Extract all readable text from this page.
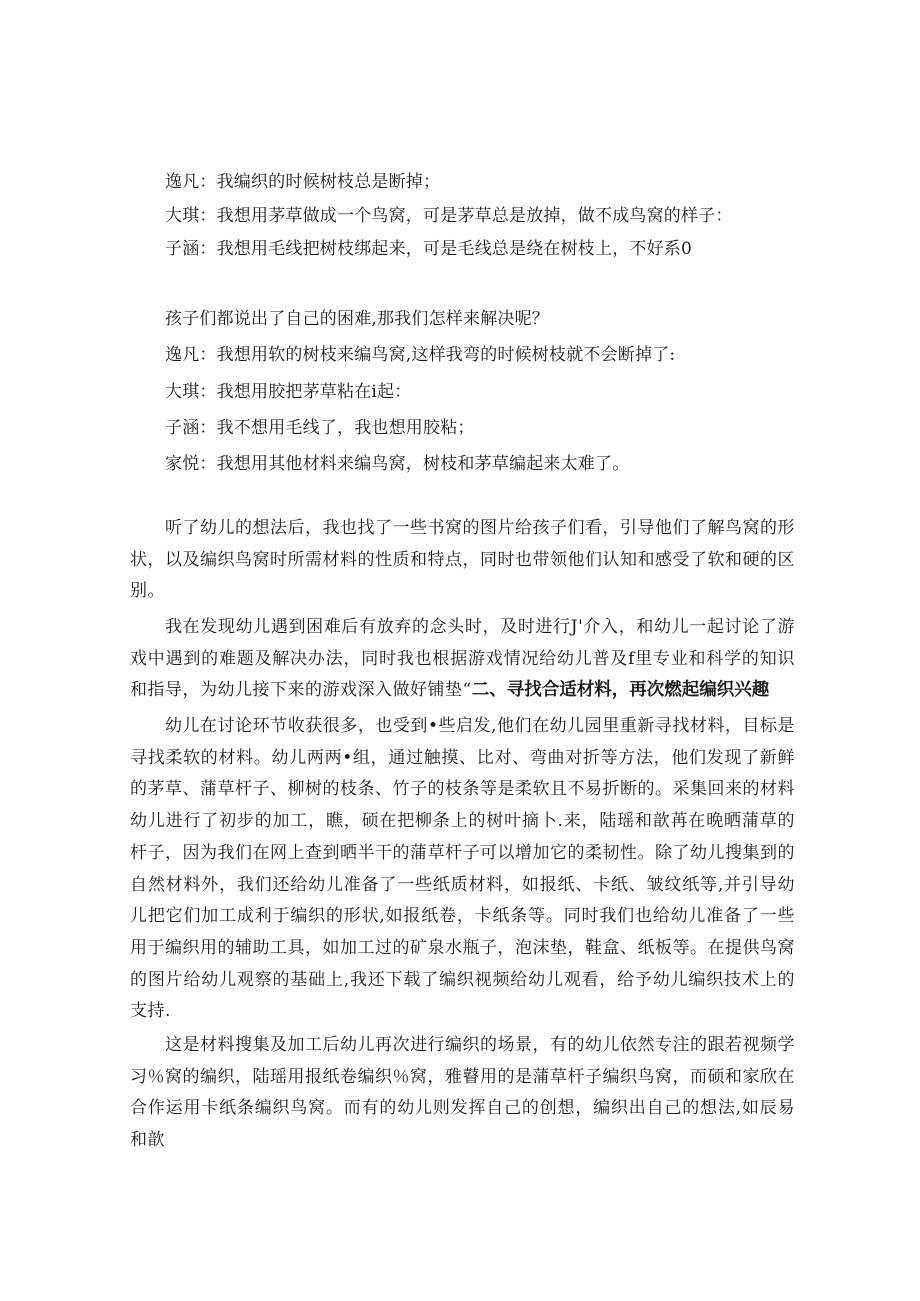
逸凡：我编织的时候树枝总是断掉；
大琪：我想用茅草做成一个鸟窝，可是茅草总是放掉，做不成鸟窝的样子：
子涵：我想用毛线把树枝绑起来，可是毛线总是绕在树枝上，不好系0
孩子们都说出了自己的困难,那我们怎样来解决呢？
逸凡：我想用软的树枝来编鸟窝,这样我弯的时候树枝就不会断掉了:
大琪：我想用胶把茅草粘在i起：
子涵：我不想用毛线了，我也想用胶粘；
家悦：我想用其他材料来编鸟窝，树枝和茅草编起来太难了。

听了幼儿的想法后，我也找了一些书窝的图片给孩子们看，引导他们了解鸟窝的形状，以及编织鸟窝时所需材料的性质和特点，同时也带领他们认知和感受了软和硬的区别。

我在发现幼儿遇到困难后有放弃的念头时，及时进行J'介入，和幼儿一起讨论了游戏中遇到的难题及解决办法，同时我也根据游戏情况给幼儿普及f里专业和科学的知识和指导，为幼儿接下来的游戏深入做好铺垫“二、寻找合适材料，再次燃起编织兴趣

幼儿在讨论环节收获很多，也受到•些启发,他们在幼儿园里重新寻找材料，目标是寻找柔软的材料。幼儿两两•组，通过触摸、比对、弯曲对折等方法，他们发现了新鲜的茅草、蒲草杆子、柳树的枝条、竹子的枝条等是柔软且不易折断的。采集回来的材料幼儿进行了初步的加工，瞧，硕在把柳条上的树叶摘卜.来，陆瑶和歆苒在晩晒蒲草的杆子，因为我们在网上查到晒半干的蒲草杆子可以增加它的柔韧性。除了幼儿搜集到的自然材料外，我们还给幼儿准备了一些纸质材料，如报纸、卡纸、皱纹纸等,并引导幼儿把它们加工成利于编织的形状,如报纸卷，卡纸条等。同时我们也给幼儿准备了一些用于编织用的辅助工具，如加工过的矿泉水瓶子，泡沫垫，鞋盒、纸板等。在提供鸟窝的图片给幼儿观察的基础上,我还下载了编织视频给幼儿观看，给予幼儿编织技术上的支持.

这是材料搜集及加工后幼儿再次进行编织的场景，有的幼儿依然专注的跟若视频学习％窝的编织，陆瑶用报纸卷编织％窝，雅瞽用的是蒲草杆子编织鸟窝，而硕和家欣在合作运用卡纸条编织鸟窝。而有的幼儿则发挥自己的创想，编织出自己的想法,如辰易和歆
